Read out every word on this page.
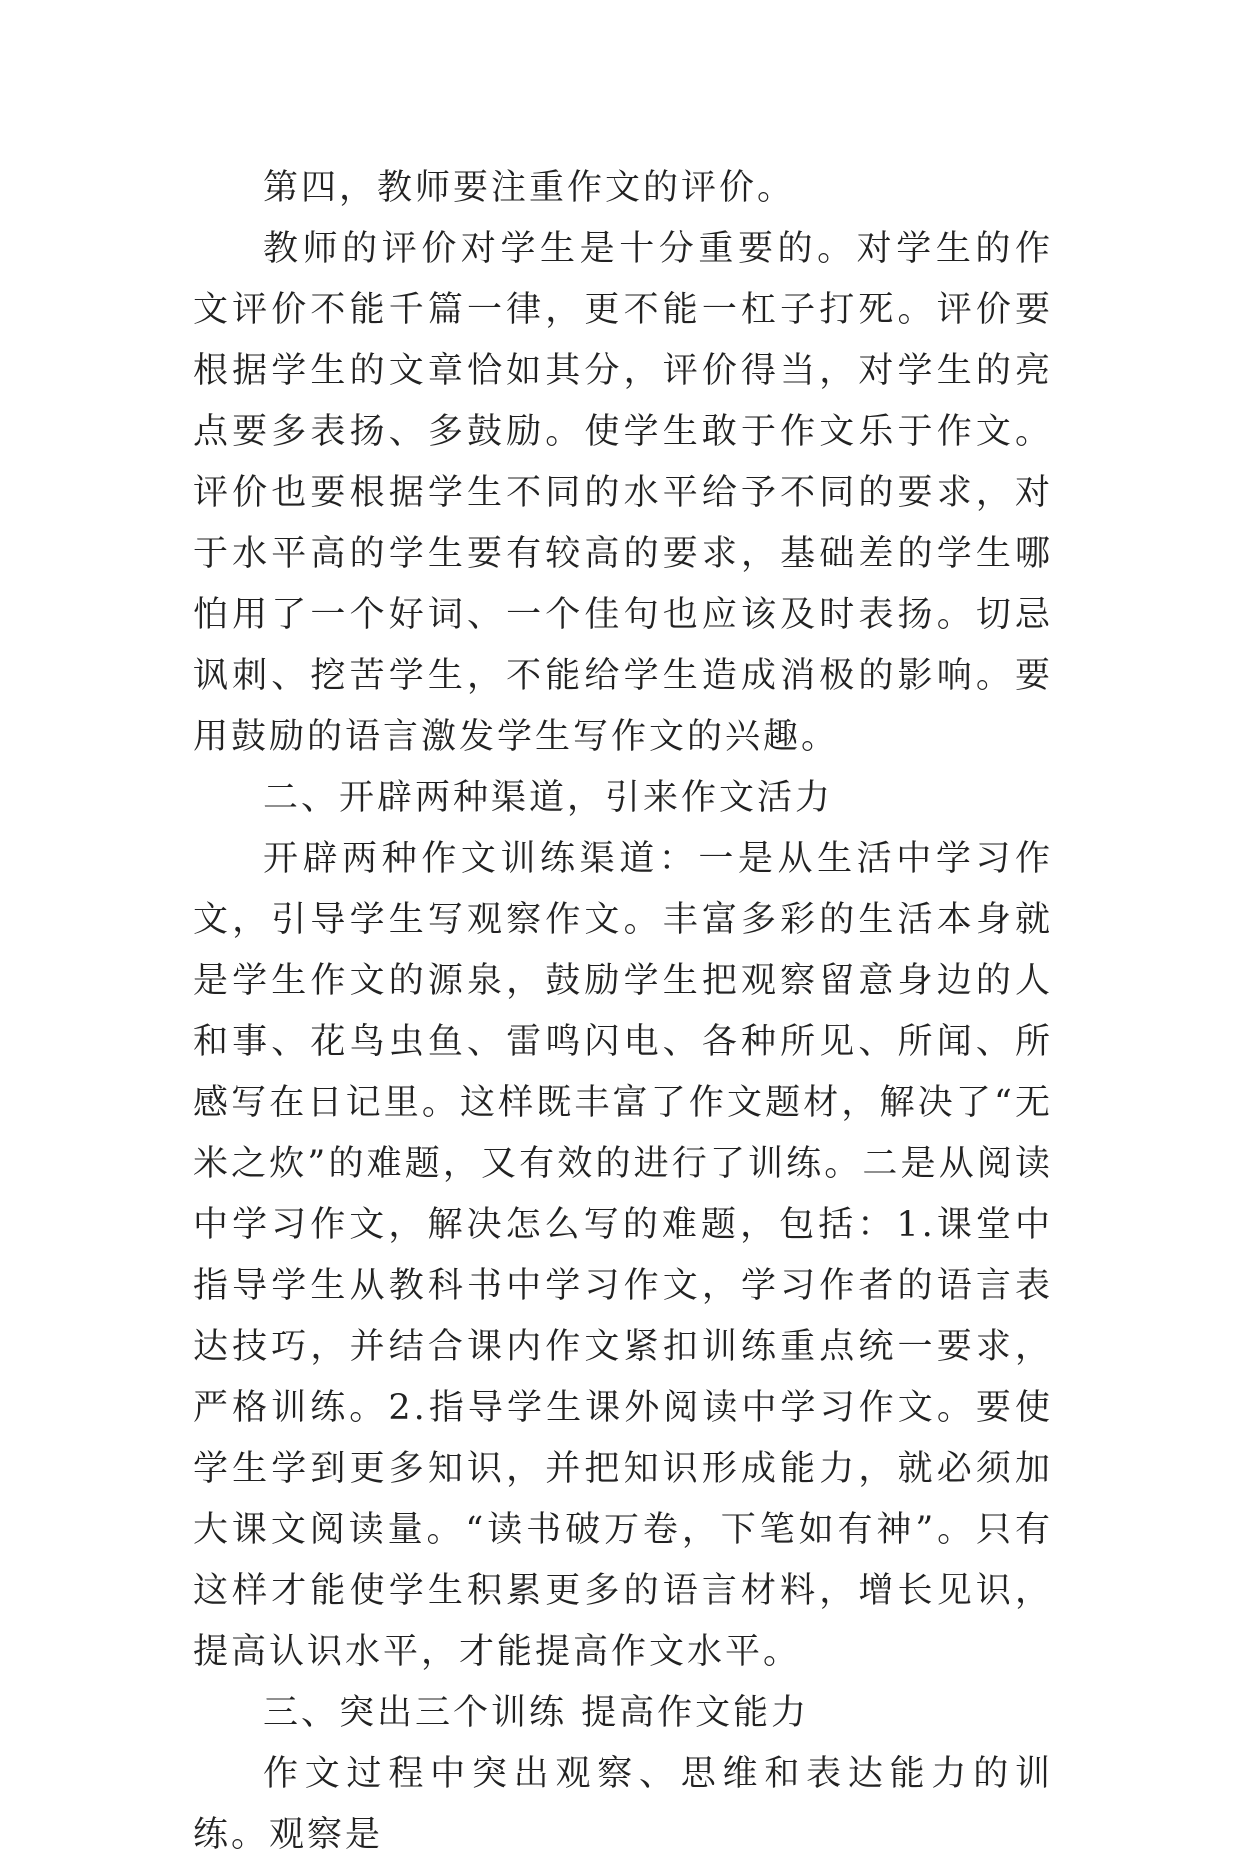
第四，教师要注重作文的评价。

教师的评价对学生是十分重要的。对学生的作文评价不能千篇一律，更不能一杠子打死。评价要根据学生的文章恰如其分，评价得当，对学生的亮点要多表扬、多鼓励。使学生敢于作文乐于作文。评价也要根据学生不同的水平给予不同的要求，对于水平高的学生要有较高的要求，基础差的学生哪怕用了一个好词、一个佳句也应该及时表扬。切忌讽刺、挖苦学生，不能给学生造成消极的影响。要用鼓励的语言激发学生写作文的兴趣。

二、开辟两种渠道，引来作文活力

开辟两种作文训练渠道：一是从生活中学习作文，引导学生写观察作文。丰富多彩的生活本身就是学生作文的源泉，鼓励学生把观察留意身边的人和事、花鸟虫鱼、雷鸣闪电、各种所见、所闻、所感写在日记里。这样既丰富了作文题材，解决了“无米之炊”的难题，又有效的进行了训练。二是从阅读中学习作文，解决怎么写的难题，包括：1.课堂中指导学生从教科书中学习作文，学习作者的语言表达技巧，并结合课内作文紧扣训练重点统一要求，严格训练。2.指导学生课外阅读中学习作文。要使学生学到更多知识，并把知识形成能力，就必须加大课文阅读量。“读书破万卷，下笔如有神”。只有这样才能使学生积累更多的语言材料，增长见识，提高认识水平，才能提高作文水平。

三、突出三个训练 提高作文能力

作文过程中突出观察、思维和表达能力的训练。观察是
